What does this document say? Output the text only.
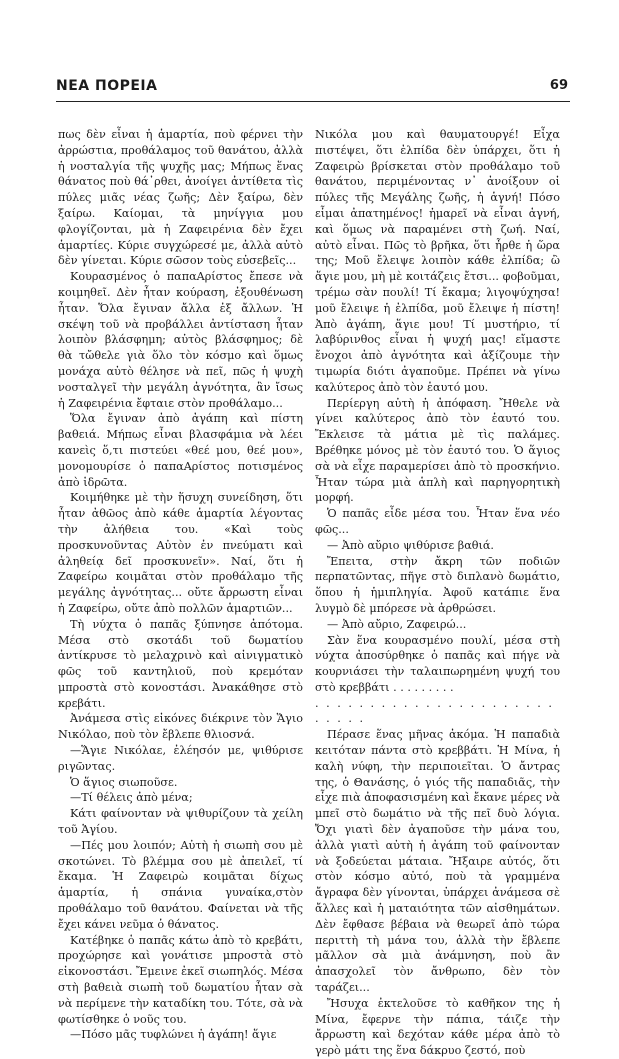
ΝΕΑ ΠΟΡΕΙΑ	69

πως δὲν εἶναι ἡ ἁμαρτία, ποὺ φέρνει τὴν ἀρρώστια, προθάλαμος τοῦ θανάτου, ἀλλὰ ἡ νοσταλγία τῆς ψυχῆς μας; Μήπως ἕνας θάνατος ποὺ θά᾿ρθει, ἀνοίγει ἀντίθετα τὶς πύλες μιᾶς νέας ζωῆς; Δὲν ξαίρω, δὲν ξαίρω. Καίομαι, τὰ μηνίγγια μου φλογίζονται, μὰ ἡ Ζαφειρένια δὲν ἔχει ἁμαρτίες. Κύριε συγχώρεσέ με, ἀλλὰ αὐτὸ δὲν γίνεται. Κύριε σῶσον τοὺς εὐσεβεῖς...

Κουρασμένος ὁ παπαΑρίστος ἔπεσε νὰ κοιμηθεῖ. Δὲν ἦταν κούραση, ἐξουθένωση ἦταν. Ὅλα ἔγιναν ἄλλα ἐξ ἄλλων. Ἡ σκέψη τοῦ νὰ προβάλλει ἀντίσταση ἦταν λοιπὸν βλάσφημη; αὐτὸς βλάσφημος; δὲ θὰ τὤθελε γιὰ ὅλο τὸν κόσμο καὶ ὅμως μονάχα αὐτὸ θέλησε νὰ πεῖ, πῶς ἡ ψυχὴ νοσταλγεῖ τὴν μεγάλη ἀγνότητα, ἂν ἴσως ἡ Ζαφειρένια ἔφταιε στὸν προθάλαμο...

Ὅλα ἔγιναν ἀπὸ ἀγάπη καὶ πίστη βαθειά. Μήπως εἶναι βλασφάμια νὰ λέει κανεὶς ὅ,τι πιστεύει «θεέ μου, θεέ μου», μονομουρίσε ὁ παπαΑρίστος ποτισμένος ἀπὸ ἱδρῶτα.

Κοιμήθηκε μὲ τὴν ἥσυχη συνείδηση, ὅτι ἦταν ἀθῶος ἀπὸ κάθε ἁμαρτία λέγοντας τὴν ἀλήθεια του. «Καὶ τοὺς προσκυνοῦντας Αὐτὸν ἐν πνεύματι καὶ ἀληθείᾳ δεῖ προσκυνεῖν». Ναί, ὅτι ἡ Ζαφείρω κοιμᾶται στὸν προθάλαμο τῆς μεγάλης ἀγνότητας... οὔτε ἄρρωστη εἶναι ἡ Ζαφείρω, οὔτε ἀπὸ πολλῶν ἁμαρτιῶν...

Τὴ νύχτα ὁ παπᾶς ξύπνησε ἀπότομα. Μέσα στὸ σκοτάδι τοῦ δωματίου ἀντίκρυσε τὸ μελαχρινὸ καὶ αἰνιγματικὸ φῶς τοῦ καντηλιοῦ, ποὺ κρεμόταν μπροστὰ στὸ κονοστάσι. Ἀνακάθησε στὸ κρεβάτι.

Ἀνάμεσα στὶς εἰκόνες διέκρινε τὸν Ἅγιο Νικόλαο, ποὺ τὸν ἔβλεπε θλιοσνά.

—Ἅγιε Νικόλαε, ἐλέησόν με, ψιθύρισε ριγῶντας.

Ὁ ἅγιος σιωποῦσε.

—Τί θέλεις ἀπὸ μένα;

Κάτι φαίνονταν νὰ ψιθυρίζουν τὰ χείλη τοῦ Ἁγίου.

—Πές μου λοιπόν; Αὐτὴ ἡ σιωπὴ σου μὲ σκοτώνει. Τὸ βλέμμα σου μὲ ἀπειλεῖ, τί ἔκαμα. Ἡ Ζαφειρὼ κοιμᾶται δίχως ἁμαρτία, ἡ σπάνια γυναίκα,στὸν προθάλαμο τοῦ θανάτου. Φαίνεται νὰ τῆς ἔχει κάνει νεῦμα ὁ θάνατος.

Κατέβηκε ὁ παπᾶς κάτω ἀπὸ τὸ κρεβάτι, προχώρησε καὶ γονάτισε μπροστὰ στὸ εἰκονοστάσι. Ἔμεινε ἐκεῖ σιωπηλός. Μέσα στὴ βαθειὰ σιωπὴ τοῦ δωματίου ἦταν σὰ νὰ περίμενε τὴν καταδίκη του. Τότε, σὰ νὰ φωτίσθηκε ὁ νοῦς του.

—Πόσο μᾶς τυφλώνει ἡ ἀγάπη! ἅγιε

Νικόλα μου καὶ θαυματουργέ! Εἶχα πιστέψει, ὅτι ἐλπίδα δὲν ὑπάρχει, ὅτι ἡ Ζαφειρὼ βρίσκεται στὸν προθάλαμο τοῦ θανάτου, περιμένοντας ν᾿ ἀνοίξουν οἱ πύλες τῆς Μεγάλης ζωῆς, ἡ ἁγνή! Πόσο εἶμαι ἀπατημένος! ἡμαρεῖ νὰ εἶναι ἁγνή, καὶ ὅμως νὰ παραμένει στὴ ζωή. Ναί, αὐτὸ εἶναι. Πῶς τὸ βρῆκα, ὅτι ἦρθε ἡ ὥρα της; Μοῦ ἔλειψε λοιπὸν κάθε ἐλπίδα; ὢ ἅγιε μου, μὴ μὲ κοιτάζεις ἔτσι... φοβοῦμαι, τρέμω σὰν πουλί! Τί ἔκαμα; λιγοψύχησα! μοῦ ἔλειψε ἡ ἐλπίδα, μοῦ ἔλειψε ἡ πίστη! Ἀπὸ ἀγάπη, ἅγιε μου! Τί μυστήριο, τί λαβύρινθος εἶναι ἡ ψυχή μας! εἴμαστε ἔνοχοι ἀπὸ ἀγνότητα καὶ ἀξίζουμε τὴν τιμωρία διότι ἀγαποῦμε. Πρέπει νὰ γίνω καλύτερος ἀπὸ τὸν ἑαυτό μου.

Περίεργη αὐτὴ ἡ ἀπόφαση. Ἤθελε νὰ γίνει καλύτερος ἀπὸ τὸν ἑαυτό του. Ἔκλεισε τὰ μάτια μὲ τὶς παλάμες. Βρέθηκε μόνος μὲ τὸν ἑαυτό του. Ὁ ἅγιος σὰ νὰ εἶχε παραμερίσει ἀπὸ τὸ προσκήνιο. Ἦταν τώρα μιὰ ἁπλὴ καὶ παρηγορητικὴ μορφή.

Ὁ παπᾶς εἶδε μέσα του. Ἦταν ἕνα νέο φῶς...

— Ἀπὸ αὔριο ψιθύρισε βαθιά.

Ἔπειτα, στὴν ἄκρη τῶν ποδιῶν περπατῶντας, πῆγε στὸ διπλανὸ δωμάτιο, ὅπου ἡ ἡμιπληγία. Ἀφοῦ κατάπιε ἕνα λυγμὸ δὲ μπόρεσε νὰ ἀρθρώσει.

— Ἀπὸ αὔριο, Ζαφειρώ...

Σὰν ἕνα κουρασμένο πουλί, μέσα στὴ νύχτα ἀποσύρθηκε ὁ παπᾶς καὶ πήγε νὰ κουρνιάσει τὴν ταλαιπωρημένη ψυχή του στὸ κρεββάτι . . . . . . . . .

. . . . . . . . . . . . . . . . . . . . . . . . . . .

Πέρασε ἕνας μῆνας ἀκόμα. Ἡ παπαδιὰ κειτόταν πάντα στὸ κρεββάτι. Ἡ Μίνα, ἡ καλὴ νύφη, τὴν περιποιεῖται. Ὁ ἄντρας της, ὁ Θανάσης, ὁ γιός τῆς παπαδιᾶς, τὴν εἶχε πιὰ ἀποφασισμένη καὶ ἔκανε μέρες νὰ μπεῖ στὸ δωμάτιο νὰ τῆς πεῖ δυὸ λόγια. Ὄχι γιατὶ δὲν ἀγαποῦσε τὴν μάνα του, ἀλλὰ γιατὶ αὐτὴ ἡ ἀγάπη τοῦ φαίνονταν νὰ ξοδεύεται μάταια. Ἤξαιρε αὐτός, ὅτι στὸν κόσμο αὐτό, ποὺ τὰ γραμμένα ἄγραφα δὲν γίνονται, ὑπάρχει ἀνάμεσα σὲ ἄλλες καὶ ἡ ματαιότητα τῶν αἰσθημάτων. Δὲν ἔφθασε βέβαια νὰ θεωρεῖ ἀπὸ τώρα περιττὴ τὴ μάνα του, ἀλλὰ τὴν ἔβλεπε μᾶλλον σὰ μιὰ ἀνάμνηση, ποὺ ἂν ἀπασχολεῖ τὸν ἄνθρωπο, δὲν τὸν ταράζει...

Ἤσυχα ἐκτελοῦσε τὸ καθῆκον της ἡ Μίνα, ἔφερνε τὴν πάπια, τάιζε τὴν ἄρρωστη καὶ δεχόταν κάθε μέρα ἀπὸ τὸ γερὸ μάτι της ἕνα δάκρυο ζεστό, ποὺ
